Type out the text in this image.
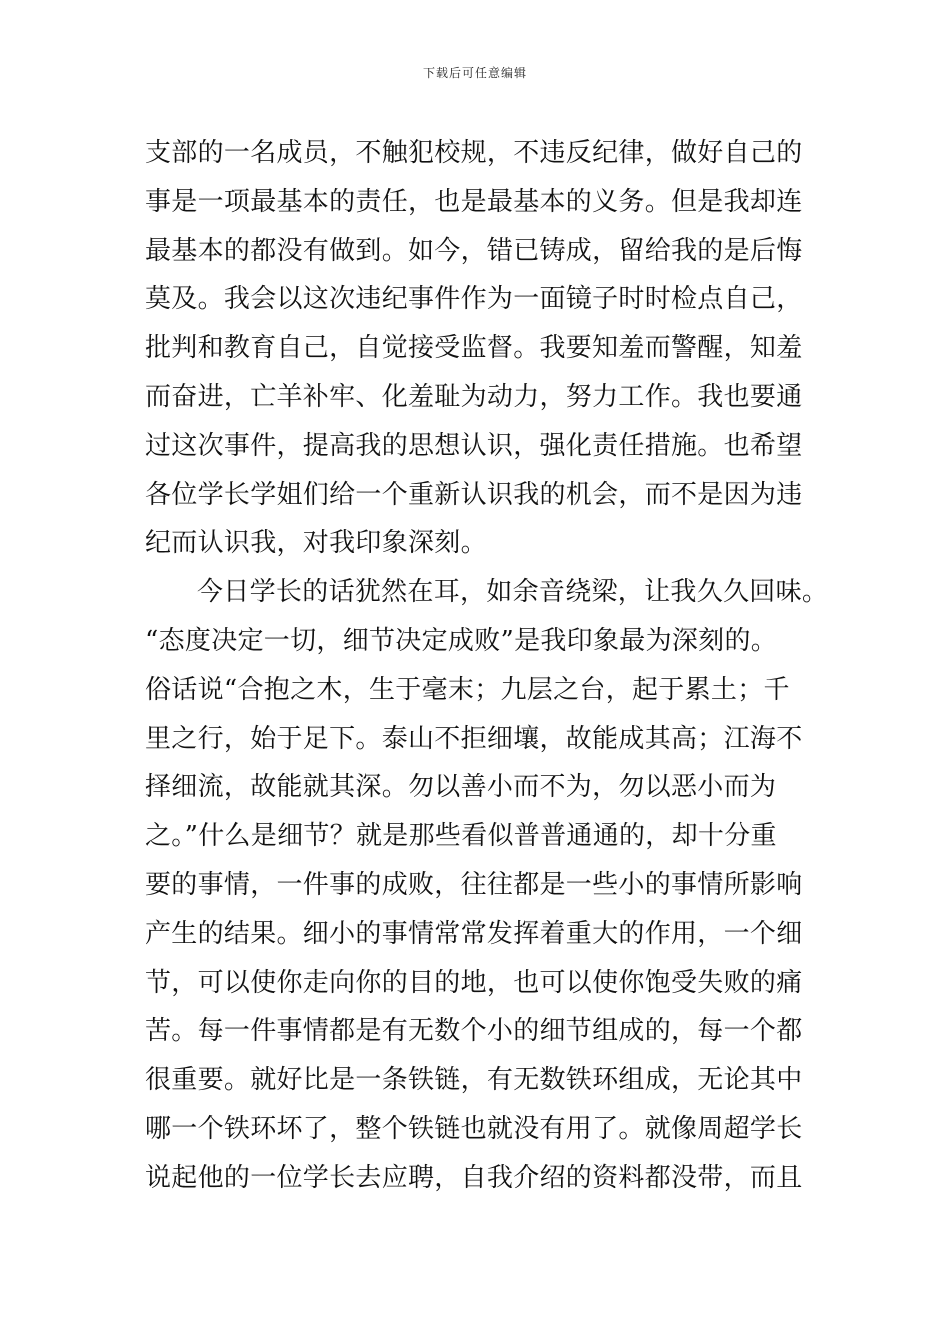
下载后可任意编辑
支部的一名成员，不触犯校规，不违反纪律，做好自己的
事是一项最基本的责任，也是最基本的义务。但是我却连
最基本的都没有做到。如今，错已铸成，留给我的是后悔
莫及。我会以这次违纪事件作为一面镜子时时检点自己，
批判和教育自己，自觉接受监督。我要知羞而警醒，知羞
而奋进，亡羊补牢、化羞耻为动力，努力工作。我也要通
过这次事件，提高我的思想认识，强化责任措施。也希望
各位学长学姐们给一个重新认识我的机会，而不是因为违
纪而认识我，对我印象深刻。
今日学长的话犹然在耳，如余音绕梁，让我久久回味。
“态度决定一切，细节决定成败”是我印象最为深刻的。
俗话说“合抱之木，生于毫末；九层之台，起于累土；千
里之行，始于足下。泰山不拒细壤，故能成其高；江海不
择细流，故能就其深。勿以善小而不为，勿以恶小而为
之。”什么是细节？就是那些看似普普通通的，却十分重
要的事情，一件事的成败，往往都是一些小的事情所影响
产生的结果。细小的事情常常发挥着重大的作用，一个细
节，可以使你走向你的目的地，也可以使你饱受失败的痛
苦。每一件事情都是有无数个小的细节组成的，每一个都
很重要。就好比是一条铁链，有无数铁环组成，无论其中
哪一个铁环坏了，整个铁链也就没有用了。就像周超学长
说起他的一位学长去应聘，自我介绍的资料都没带，而且
